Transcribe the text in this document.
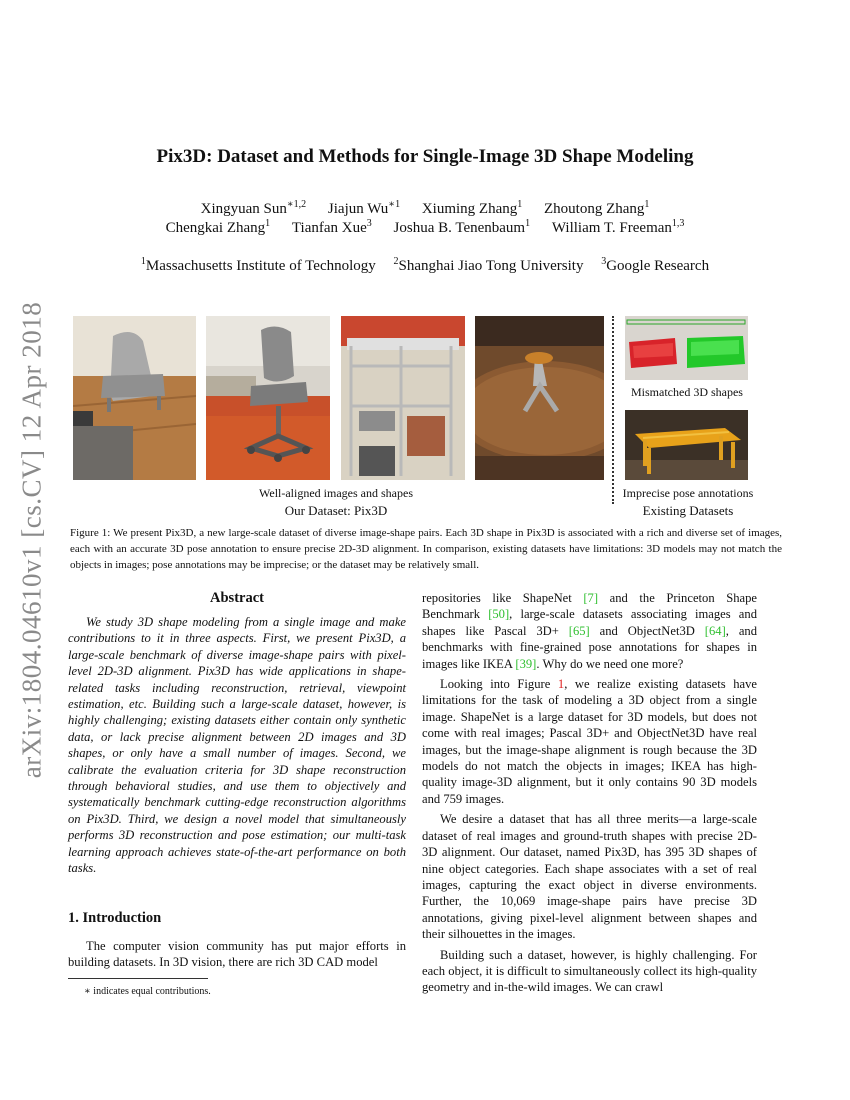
arXiv:1804.04610v1 [cs.CV] 12 Apr 2018
Pix3D: Dataset and Methods for Single-Image 3D Shape Modeling
Xingyuan Sun$^{∗1,2}$ Jiajun $Wu^{∗1}$ Xiuming Zhang$^1$ Zhoutong Zhang$^1$
Chengkai Zhang$^1$ Tianfan Xue$^3$ Joshua B. Tenenbaum$^1$ William T. Freeman$^{1,3}$
$^1$Massachusetts Institute of Technology $^2$Shanghai Jiao Tong University $^3$Google Research
Mismatched 3D shapes
Well-aligned images and shapes
Our Dataset: Pix3D
Imprecise pose annotations
Existing Datasets
Figure 1: We present Pix3D, a new large-scale dataset of diverse image-shape pairs. Each 3D shape in Pix3D is associated with a rich and diverse set of images, each with an accurate 3D pose annotation to ensure precise 2D-3D alignment. In comparison, existing datasets have limitations: 3D models may not match the objects in images; pose annotations may be imprecise; or the dataset may be relatively small.
Abstract

We study 3D shape modeling from a single image and make contributions to it in three aspects. First, we present Pix3D, a large-scale benchmark of diverse image-shape pairs with pixel-level 2D-3D alignment. Pix3D has wide applications in shape-related tasks including reconstruction, retrieval, viewpoint estimation, etc. Building such a large-scale dataset, however, is highly challenging; existing datasets either contain only synthetic data, or lack precise alignment between 2D images and 3D shapes, or only have a small number of images. Second, we calibrate the evaluation criteria for 3D shape reconstruction through behavioral studies, and use them to objectively and systematically benchmark cutting-edge reconstruction algorithms on Pix3D. Third, we design a novel model that simultaneously performs 3D reconstruction and pose estimation; our multi-task learning approach achieves state-of-the-art performance on both tasks.

1. Introduction

The computer vision community has put major efforts in building datasets. In 3D vision, there are rich 3D CAD model

∗ indicates equal contributions.

repositories like ShapeNet [7] and the Princeton Shape Benchmark [50], large-scale datasets associating images and shapes like Pascal 3D+ [65] and ObjectNet3D [64], and benchmarks with fine-grained pose annotations for shapes in images like IKEA [39]. Why do we need one more?

Looking into Figure 1, we realize existing datasets have limitations for the task of modeling a 3D object from a single image. ShapeNet is a large dataset for 3D models, but does not come with real images; Pascal 3D+ and ObjectNet3D have real images, but the image-shape alignment is rough because the 3D models do not match the objects in images; IKEA has high-quality image-3D alignment, but it only contains 90 3D models and 759 images.

We desire a dataset that has all three merits—a large-scale dataset of real images and ground-truth shapes with precise 2D-3D alignment. Our dataset, named Pix3D, has 395 3D shapes of nine object categories. Each shape associates with a set of real images, capturing the exact object in diverse environments. Further, the 10,069 image-shape pairs have precise 3D annotations, giving pixel-level alignment between shapes and their silhouettes in the images.

Building such a dataset, however, is highly challenging. For each object, it is difficult to simultaneously collect its high-quality geometry and in-the-wild images. We can crawl
